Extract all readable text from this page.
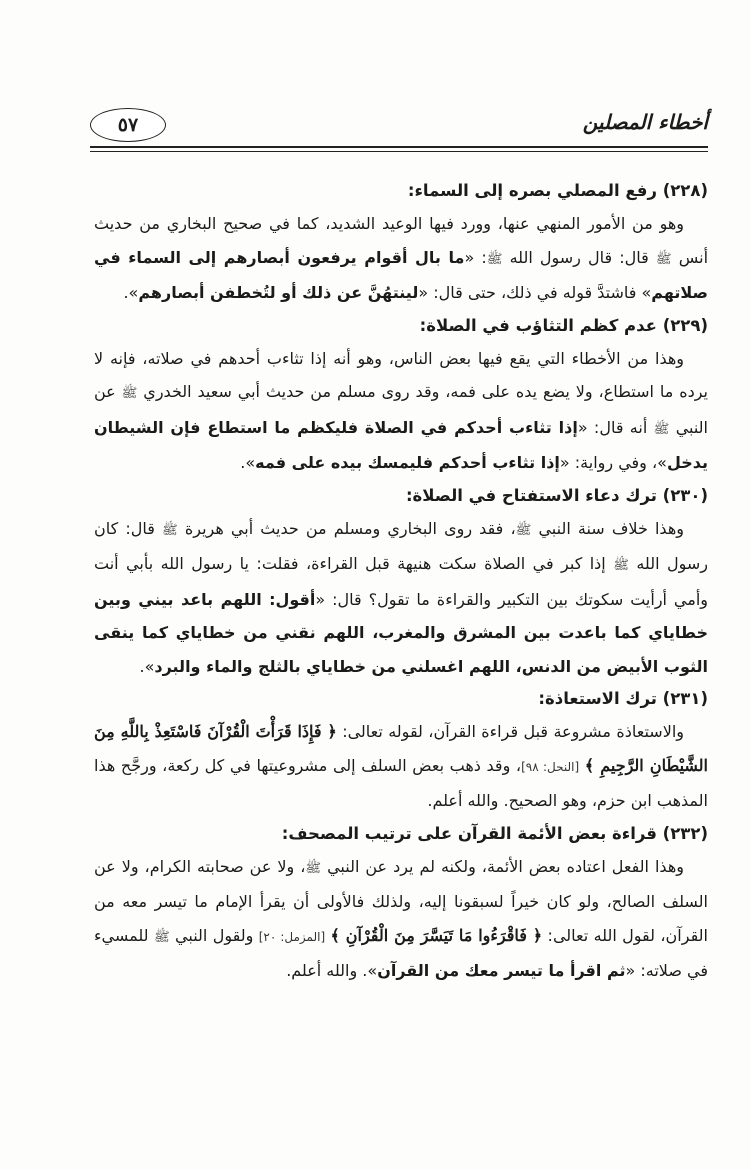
٥٧	أخطاء المصلين

(٢٢٨) رفع المصلي بصره إلى السماء:

وهو من الأمور المنهي عنها، وورد فيها الوعيد الشديد، كما في صحيح البخاري من حديث أنس ﷺ قال: قال رسول الله ﷺ: «ما بال أقوام يرفعون أبصارهم إلى السماء في صلاتهم» فاشتدَّ قوله في ذلك، حتى قال: «لينتهُنَّ عن ذلك أو لتُخطفن أبصارهم».

(٢٢٩) عدم كظم التثاؤب في الصلاة:

وهذا من الأخطاء التي يقع فيها بعض الناس، وهو أنه إذا تثاءب أحدهم في صلاته، فإنه لا يرده ما استطاع، ولا يضع يده على فمه، وقد روى مسلم من حديث أبي سعيد الخدري ﷺ عن النبي ﷺ أنه قال: «إذا تثاءب أحدكم في الصلاة فليكظم ما استطاع فإن الشيطان يدخل»، وفي رواية: «إذا تثاءب أحدكم فليمسك بيده على فمه».

(٢٣٠) ترك دعاء الاستفتاح في الصلاة:

وهذا خلاف سنة النبي ﷺ، فقد روى البخاري ومسلم من حديث أبي هريرة ﷺ قال: كان رسول الله ﷺ إذا كبر في الصلاة سكت هنيهة قبل القراءة، فقلت: يا رسول الله بأبي أنت وأمي أرأيت سكوتك بين التكبير والقراءة ما تقول؟ قال: «أقول: اللهم باعد بيني وبين خطاياي كما باعدت بين المشرق والمغرب، اللهم نقني من خطاياي كما ينقى الثوب الأبيض من الدنس، اللهم اغسلني من خطاياي بالثلج والماء والبرد».

(٢٣١) ترك الاستعاذة:

والاستعاذة مشروعة قبل قراءة القرآن، لقوله تعالى: ﴿ فَإِذَا قَرَأْتَ الْقُرْآنَ فَاسْتَعِذْ بِاللَّهِ مِنَ الشَّيْطَانِ الرَّجِيمِ ﴾ [النحل: ٩٨]، وقد ذهب بعض السلف إلى مشروعيتها في كل ركعة، ورجَّح هذا المذهب ابن حزم، وهو الصحيح. والله أعلم.

(٢٣٢) قراءة بعض الأئمة القرآن على ترتيب المصحف:

وهذا الفعل اعتاده بعض الأئمة، ولكنه لم يرد عن النبي ﷺ، ولا عن صحابته الكرام، ولا عن السلف الصالح، ولو كان خيراً لسبقونا إليه، ولذلك فالأولى أن يقرأ الإمام ما تيسر معه من القرآن، لقول الله تعالى: ﴿ فَاقْرَءُوا مَا تَيَسَّرَ مِنَ الْقُرْآنِ ﴾ [المزمل: ٢٠] ولقول النبي ﷺ للمسيء في صلاته: «ثم اقرأ ما تيسر معك من القرآن». والله أعلم.
